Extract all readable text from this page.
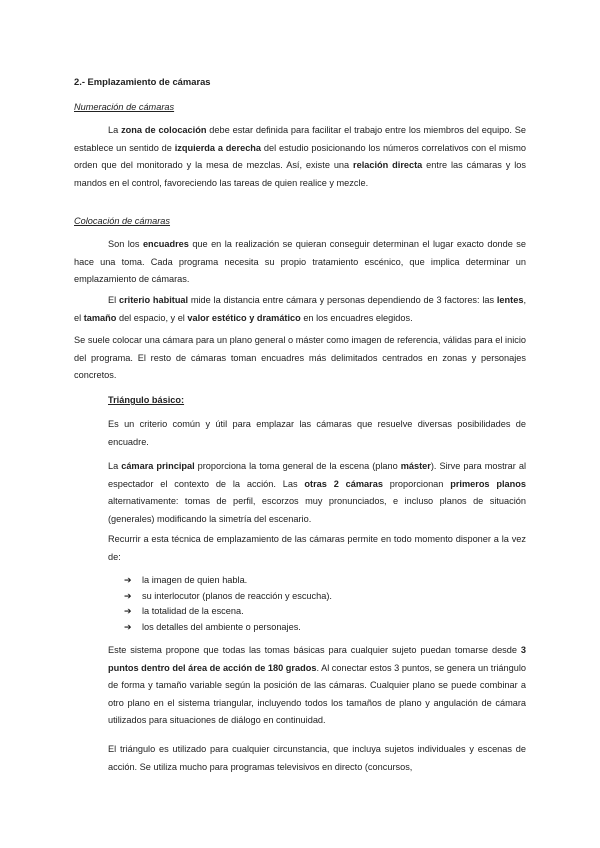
2.- Emplazamiento de cámaras
Numeración de cámaras

La zona de colocación debe estar definida para facilitar el trabajo entre los miembros del equipo. Se establece un sentido de izquierda a derecha del estudio posicionando los números correlativos con el mismo orden que del monitorado y la mesa de mezclas. Así, existe una relación directa entre las cámaras y los mandos en el control, favoreciendo las tareas de quien realice y mezcle.

Colocación de cámaras

Son los encuadres que en la realización se quieran conseguir determinan el lugar exacto donde se hace una toma. Cada programa necesita su propio tratamiento escénico, que implica determinar un emplazamiento de cámaras.

El criterio habitual mide la distancia entre cámara y personas dependiendo de 3 factores: las lentes, el tamaño del espacio, y el valor estético y dramático en los encuadres elegidos.

Se suele colocar una cámara para un plano general o máster como imagen de referencia, válidas para el inicio del programa. El resto de cámaras toman encuadres más delimitados centrados en zonas y personajes concretos.

Triángulo básico:

Es un criterio común y útil para emplazar las cámaras que resuelve diversas posibilidades de encuadre.

La cámara principal proporciona la toma general de la escena (plano máster). Sirve para mostrar al espectador el contexto de la acción. Las otras 2 cámaras proporcionan primeros planos alternativamente: tomas de perfil, escorzos muy pronunciados, e incluso planos de situación (generales) modificando la simetría del escenario.

Recurrir a esta técnica de emplazamiento de las cámaras permite en todo momento disponer a la vez de:

➔ la imagen de quien habla.
➔ su interlocutor (planos de reacción y escucha).
➔ la totalidad de la escena.
➔ los detalles del ambiente o personajes.

Este sistema propone que todas las tomas básicas para cualquier sujeto puedan tomarse desde 3 puntos dentro del área de acción de 180 grados. Al conectar estos 3 puntos, se genera un triángulo de forma y tamaño variable según la posición de las cámaras. Cualquier plano se puede combinar a otro plano en el sistema triangular, incluyendo todos los tamaños de plano y angulación de cámara utilizados para situaciones de diálogo en continuidad.

El triángulo es utilizado para cualquier circunstancia, que incluya sujetos individuales y escenas de acción. Se utiliza mucho para programas televisivos en directo (concursos,
